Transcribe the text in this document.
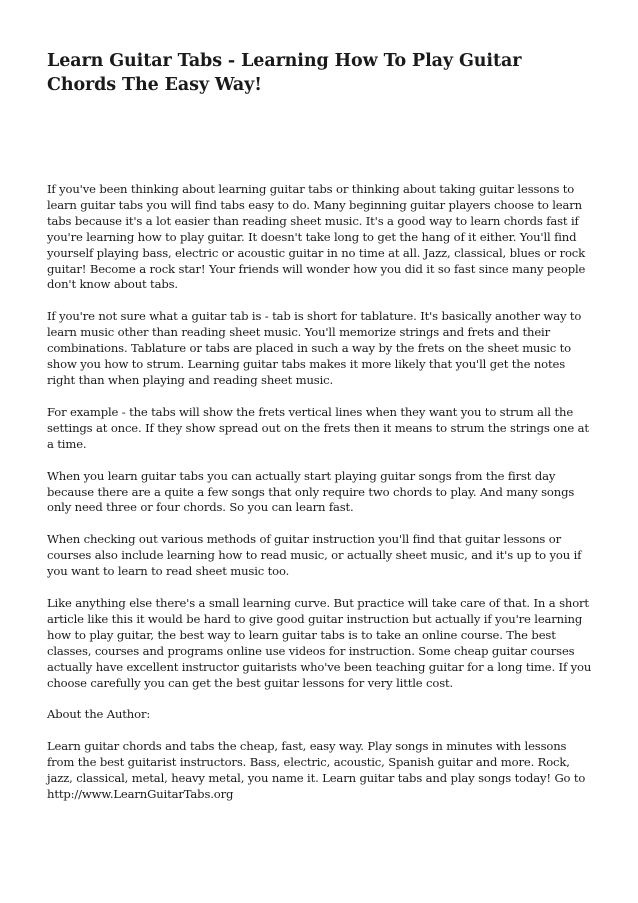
Learn Guitar Tabs - Learning How To Play Guitar Chords The Easy Way!

If you've been thinking about learning guitar tabs or thinking about taking guitar lessons to learn guitar tabs you will find tabs easy to do. Many beginning guitar players choose to learn tabs because it's a lot easier than reading sheet music. It's a good way to learn chords fast if you're learning how to play guitar. It doesn't take long to get the hang of it either. You'll find yourself playing bass, electric or acoustic guitar in no time at all. Jazz, classical, blues or rock guitar! Become a rock star! Your friends will wonder how you did it so fast since many people don't know about tabs.

If you're not sure what a guitar tab is - tab is short for tablature. It's basically another way to learn music other than reading sheet music. You'll memorize strings and frets and their combinations. Tablature or tabs are placed in such a way by the frets on the sheet music to show you how to strum. Learning guitar tabs makes it more likely that you'll get the notes right than when playing and reading sheet music.

For example - the tabs will show the frets vertical lines when they want you to strum all the settings at once. If they show spread out on the frets then it means to strum the strings one at a time.

When you learn guitar tabs you can actually start playing guitar songs from the first day because there are a quite a few songs that only require two chords to play. And many songs only need three or four chords. So you can learn fast.

When checking out various methods of guitar instruction you'll find that guitar lessons or courses also include learning how to read music, or actually sheet music, and it's up to you if you want to learn to read sheet music too.

Like anything else there's a small learning curve. But practice will take care of that. In a short article like this it would be hard to give good guitar instruction but actually if you're learning how to play guitar, the best way to learn guitar tabs is to take an online course. The best classes, courses and programs online use videos for instruction. Some cheap guitar courses actually have excellent instructor guitarists who've been teaching guitar for a long time. If you choose carefully you can get the best guitar lessons for very little cost.

About the Author:

Learn guitar chords and tabs the cheap, fast, easy way. Play songs in minutes with lessons from the best guitarist instructors. Bass, electric, acoustic, Spanish guitar and more. Rock, jazz, classical, metal, heavy metal, you name it. Learn guitar tabs and play songs today! Go to http://www.LearnGuitarTabs.org
